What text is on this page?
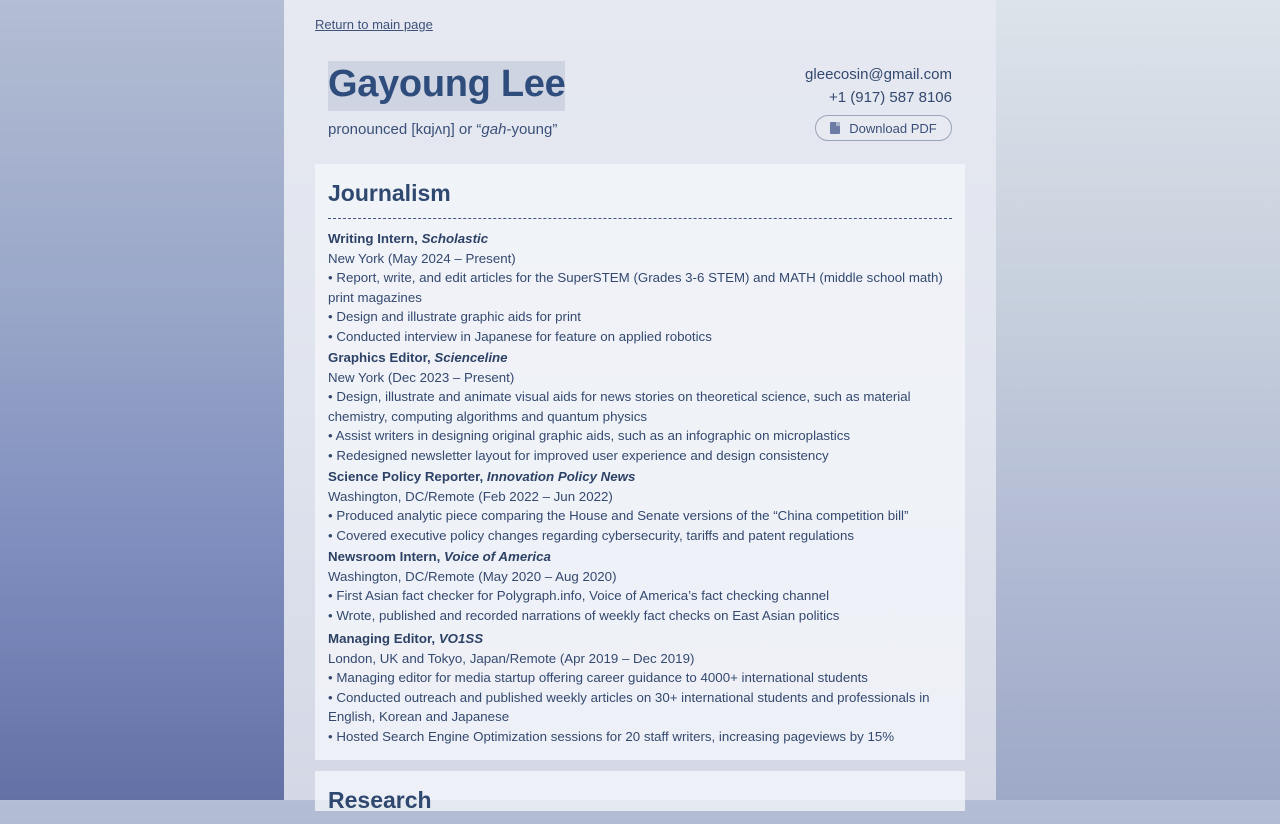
Return to main page
Gayoung Lee
pronounced [kɑjʌŋ] or “gah-young”
gleecosin@gmail.com
+1 (917) 587 8106
Download PDF
Journalism
Writing Intern, Scholastic
New York (May 2024 – Present)
• Report, write, and edit articles for the SuperSTEM (Grades 3-6 STEM) and MATH (middle school math) print magazines
• Design and illustrate graphic aids for print
• Conducted interview in Japanese for feature on applied robotics
Graphics Editor, Scienceline
New York (Dec 2023 – Present)
• Design, illustrate and animate visual aids for news stories on theoretical science, such as material chemistry, computing algorithms and quantum physics
• Assist writers in designing original graphic aids, such as an infographic on microplastics
• Redesigned newsletter layout for improved user experience and design consistency
Science Policy Reporter, Innovation Policy News
Washington, DC/Remote (Feb 2022 – Jun 2022)
• Produced analytic piece comparing the House and Senate versions of the “China competition bill”
• Covered executive policy changes regarding cybersecurity, tariffs and patent regulations
Newsroom Intern, Voice of America
Washington, DC/Remote (May 2020 – Aug 2020)
• First Asian fact checker for Polygraph.info, Voice of America’s fact checking channel
• Wrote, published and recorded narrations of weekly fact checks on East Asian politics
Managing Editor, VO1SS
London, UK and Tokyo, Japan/Remote (Apr 2019 – Dec 2019)
• Managing editor for media startup offering career guidance to 4000+ international students
• Conducted outreach and published weekly articles on 30+ international students and professionals in English, Korean and Japanese
• Hosted Search Engine Optimization sessions for 20 staff writers, increasing pageviews by 15%
Research
